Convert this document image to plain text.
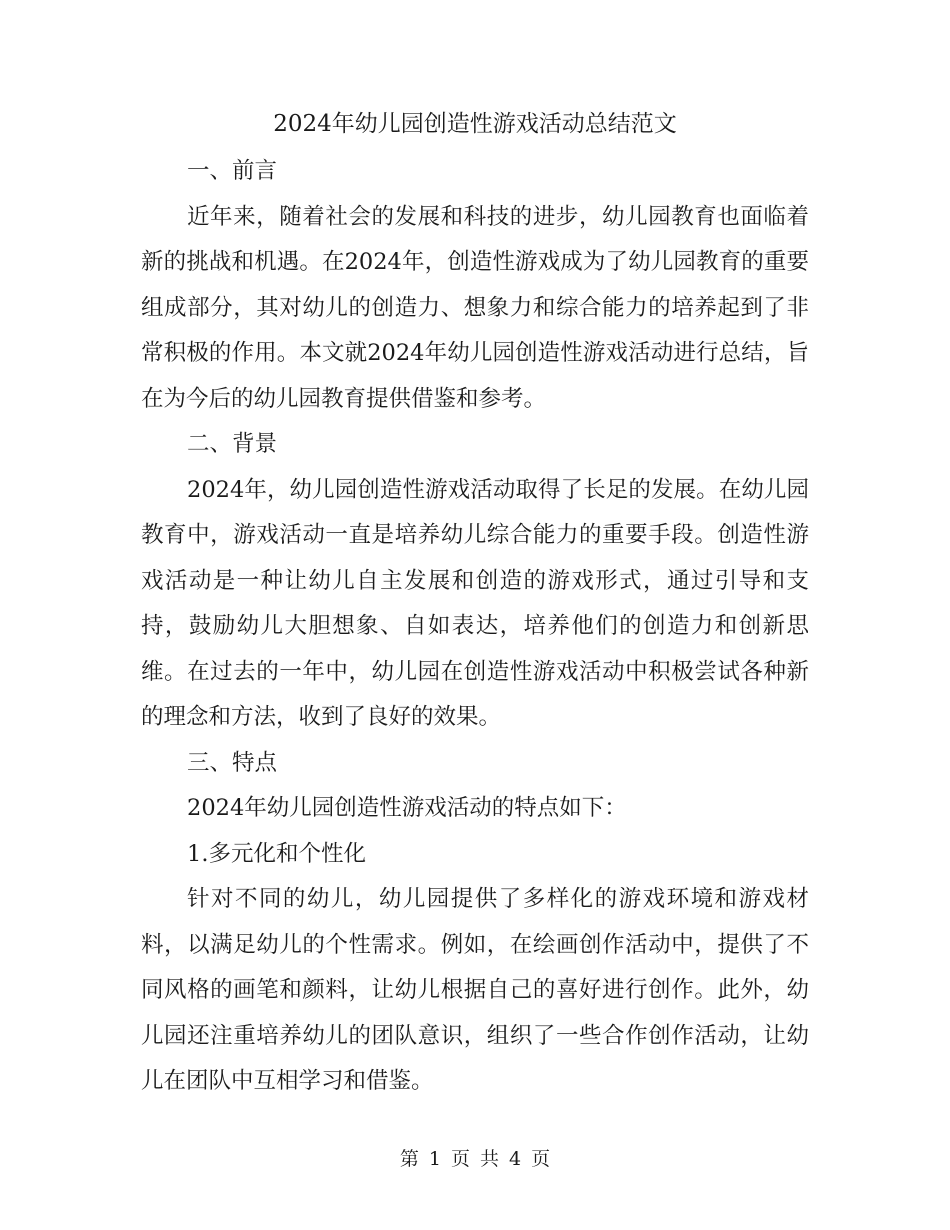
2024年幼儿园创造性游戏活动总结范文

一、前言

近年来，随着社会的发展和科技的进步，幼儿园教育也面临着新的挑战和机遇。在2024年，创造性游戏成为了幼儿园教育的重要组成部分，其对幼儿的创造力、想象力和综合能力的培养起到了非常积极的作用。本文就2024年幼儿园创造性游戏活动进行总结，旨在为今后的幼儿园教育提供借鉴和参考。

二、背景

2024年，幼儿园创造性游戏活动取得了长足的发展。在幼儿园教育中，游戏活动一直是培养幼儿综合能力的重要手段。创造性游戏活动是一种让幼儿自主发展和创造的游戏形式，通过引导和支持，鼓励幼儿大胆想象、自如表达，培养他们的创造力和创新思维。在过去的一年中，幼儿园在创造性游戏活动中积极尝试各种新的理念和方法，收到了良好的效果。

三、特点

2024年幼儿园创造性游戏活动的特点如下：

1.多元化和个性化

针对不同的幼儿，幼儿园提供了多样化的游戏环境和游戏材料，以满足幼儿的个性需求。例如，在绘画创作活动中，提供了不同风格的画笔和颜料，让幼儿根据自己的喜好进行创作。此外，幼儿园还注重培养幼儿的团队意识，组织了一些合作创作活动，让幼儿在团队中互相学习和借鉴。

第 1 页 共 4 页
